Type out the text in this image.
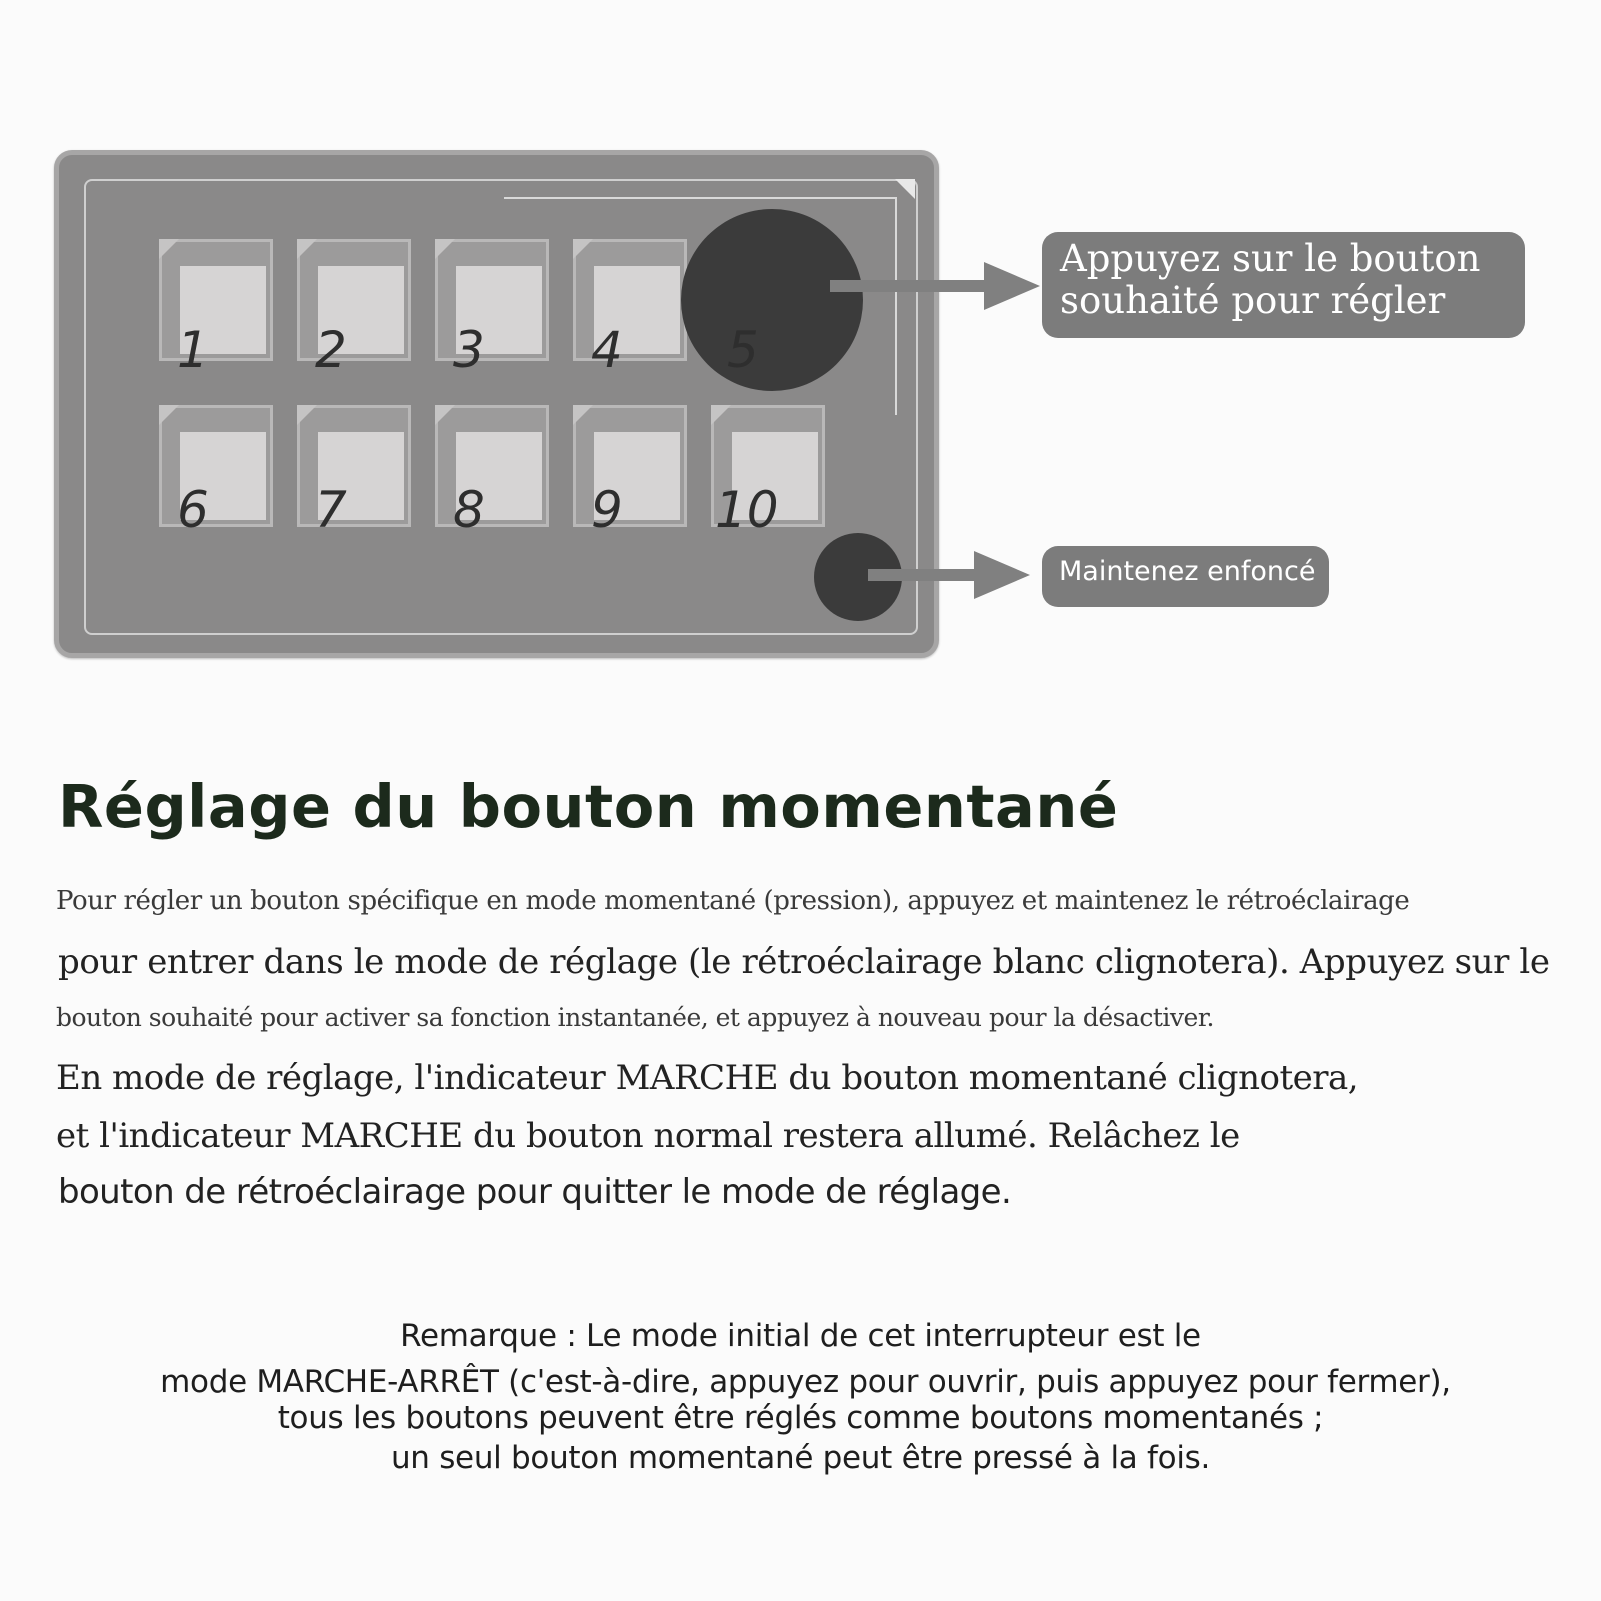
1 2 3 4 5
6 7 8 9 10
Appuyez sur le bouton
souhaité pour régler
Maintenez enfoncé
Réglage du bouton momentané
Pour régler un bouton spécifique en mode momentané (pression), appuyez et maintenez le rétroéclairage
pour entrer dans le mode de réglage (le rétroéclairage blanc clignotera). Appuyez sur le
bouton souhaité pour activer sa fonction instantanée, et appuyez à nouveau pour la désactiver.
En mode de réglage, l'indicateur MARCHE du bouton momentané clignotera,
et l'indicateur MARCHE du bouton normal restera allumé. Relâchez le
bouton de rétroéclairage pour quitter le mode de réglage.
Remarque : Le mode initial de cet interrupteur est le
mode MARCHE-ARRÊT (c'est-à-dire, appuyez pour ouvrir, puis appuyez pour fermer),
tous les boutons peuvent être réglés comme boutons momentanés ;
un seul bouton momentané peut être pressé à la fois.
